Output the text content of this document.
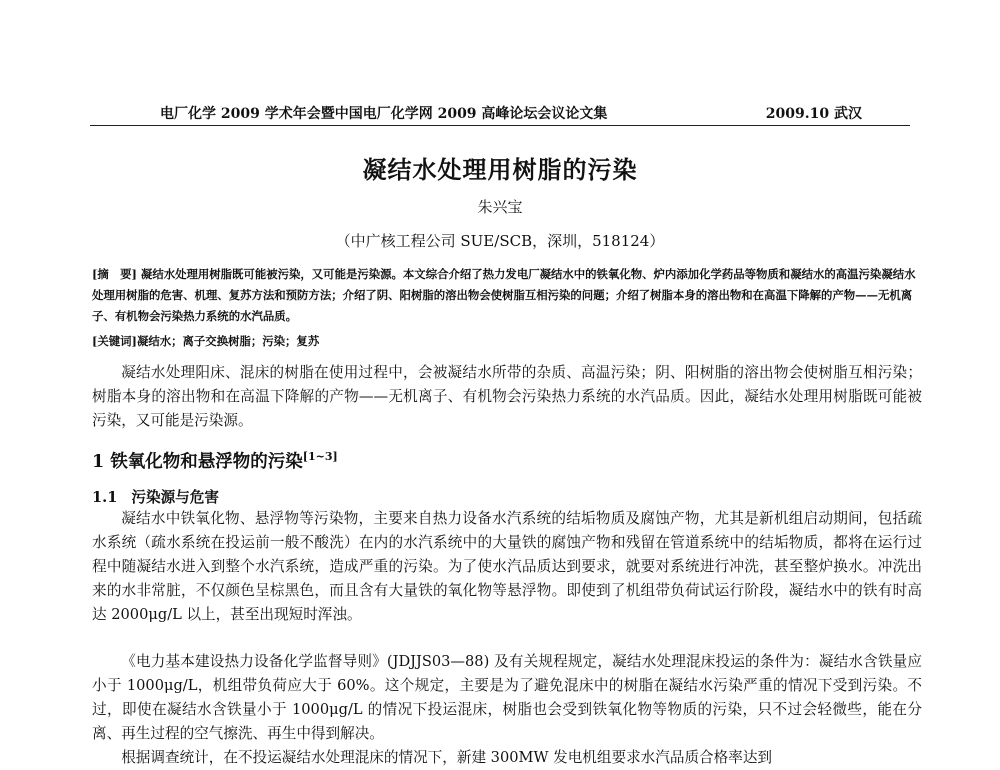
电厂化学 2009 学术年会暨中国电厂化学网 2009 高峰论坛会议论文集	2009.10 武汉
凝结水处理用树脂的污染
朱兴宝
（中广核工程公司 SUE/SCB，深圳，518124）
[摘　要] 凝结水处理用树脂既可能被污染，又可能是污染源。本文综合介绍了热力发电厂凝结水中的铁氧化物、炉内添加化学药品等物质和凝结水的高温污染凝结水处理用树脂的危害、机理、复苏方法和预防方法；介绍了阴、阳树脂的溶出物会使树脂互相污染的问题；介绍了树脂本身的溶出物和在高温下降解的产物——无机离子、有机物会污染热力系统的水汽品质。
[关键词]凝结水；离子交换树脂；污染；复苏
凝结水处理阳床、混床的树脂在使用过程中，会被凝结水所带的杂质、高温污染；阴、阳树脂的溶出物会使树脂互相污染；树脂本身的溶出物和在高温下降解的产物——无机离子、有机物会污染热力系统的水汽品质。因此，凝结水处理用树脂既可能被污染，又可能是污染源。
1 铁氧化物和悬浮物的污染[1~3]
1.1 污染源与危害
凝结水中铁氧化物、悬浮物等污染物，主要来自热力设备水汽系统的结垢物质及腐蚀产物，尤其是新机组启动期间，包括疏水系统（疏水系统在投运前一般不酸洗）在内的水汽系统中的大量铁的腐蚀产物和残留在管道系统中的结垢物质，都将在运行过程中随凝结水进入到整个水汽系统，造成严重的污染。为了使水汽品质达到要求，就要对系统进行冲洗，甚至整炉换水。冲洗出来的水非常脏，不仅颜色呈棕黑色，而且含有大量铁的氧化物等悬浮物。即使到了机组带负荷试运行阶段，凝结水中的铁有时高达 2000μg/L 以上，甚至出现短时浑浊。
《电力基本建设热力设备化学监督导则》(JDJJS03—88) 及有关规程规定，凝结水处理混床投运的条件为：凝结水含铁量应小于 1000μg/L，机组带负荷应大于 60%。这个规定，主要是为了避免混床中的树脂在凝结水污染严重的情况下受到污染。不过，即使在凝结水含铁量小于 1000μg/L 的情况下投运混床，树脂也会受到铁氧化物等物质的污染，只不过会轻微些，能在分离、再生过程的空气擦洗、再生中得到解决。
根据调查统计，在不投运凝结水处理混床的情况下，新建 300MW 发电机组要求水汽品质合格率达到
